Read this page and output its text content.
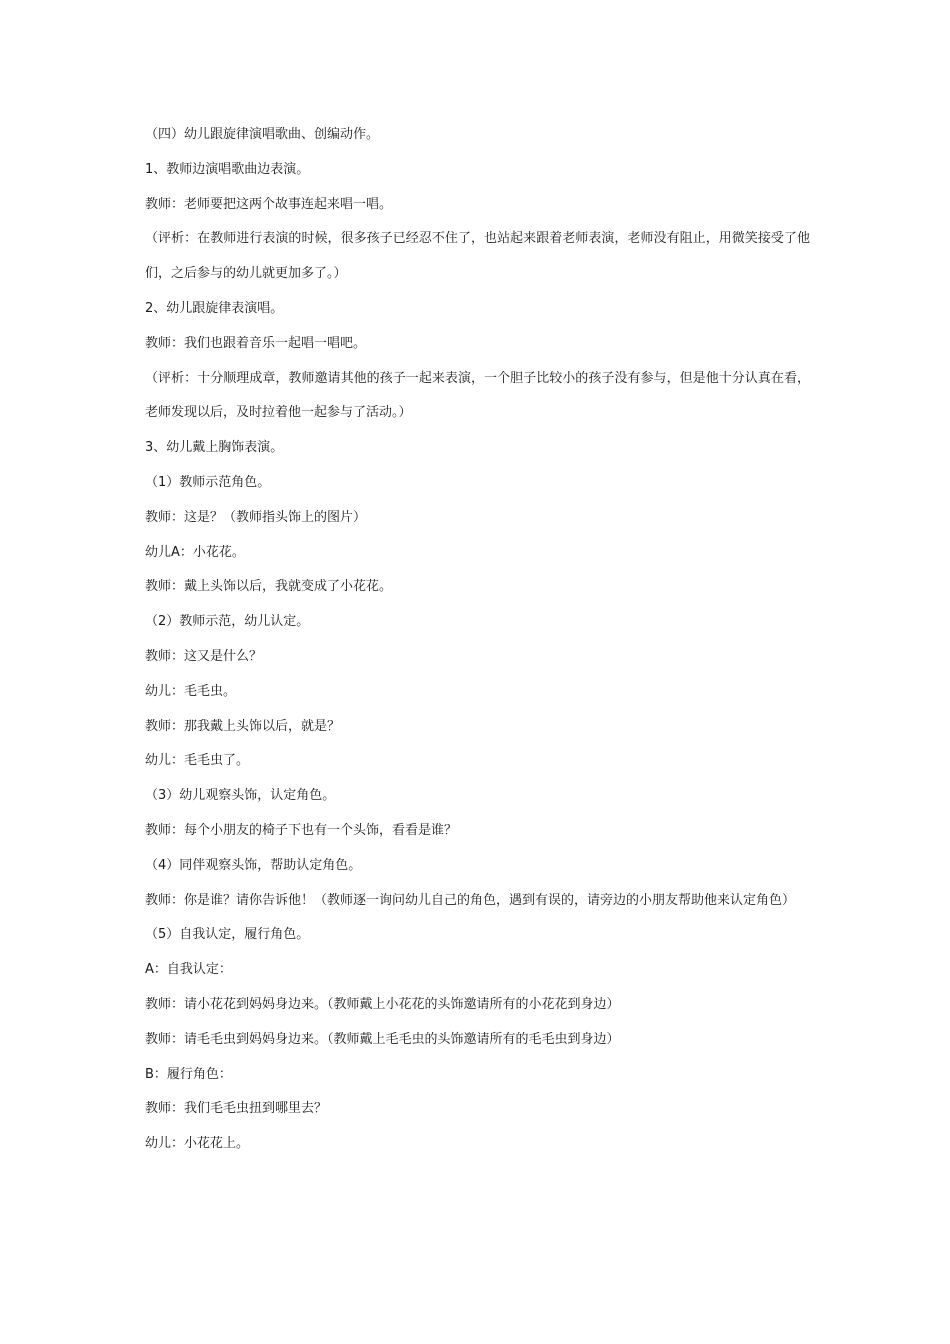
（四）幼儿跟旋律演唱歌曲、创编动作。
1、教师边演唱歌曲边表演。
教师：老师要把这两个故事连起来唱一唱。
（评析：在教师进行表演的时候，很多孩子已经忍不住了，也站起来跟着老师表演，老师没有阻止，用微笑接受了他们，之后参与的幼儿就更加多了。）
2、幼儿跟旋律表演唱。
教师：我们也跟着音乐一起唱一唱吧。
（评析：十分顺理成章，教师邀请其他的孩子一起来表演，一个胆子比较小的孩子没有参与，但是他十分认真在看，老师发现以后，及时拉着他一起参与了活动。）
3、幼儿戴上胸饰表演。
（1）教师示范角色。
教师：这是？（教师指头饰上的图片）
幼儿A：小花花。
教师：戴上头饰以后，我就变成了小花花。
（2）教师示范，幼儿认定。
教师：这又是什么？
幼儿：毛毛虫。
教师：那我戴上头饰以后，就是？
幼儿：毛毛虫了。
（3）幼儿观察头饰，认定角色。
教师：每个小朋友的椅子下也有一个头饰，看看是谁？
（4）同伴观察头饰，帮助认定角色。
教师：你是谁？请你告诉他！（教师逐一询问幼儿自己的角色，遇到有误的，请旁边的小朋友帮助他来认定角色）
（5）自我认定，履行角色。
A：自我认定：
教师：请小花花到妈妈身边来。（教师戴上小花花的头饰邀请所有的小花花到身边）
教师：请毛毛虫到妈妈身边来。（教师戴上毛毛虫的头饰邀请所有的毛毛虫到身边）
B：履行角色：
教师：我们毛毛虫扭到哪里去？
幼儿：小花花上。
